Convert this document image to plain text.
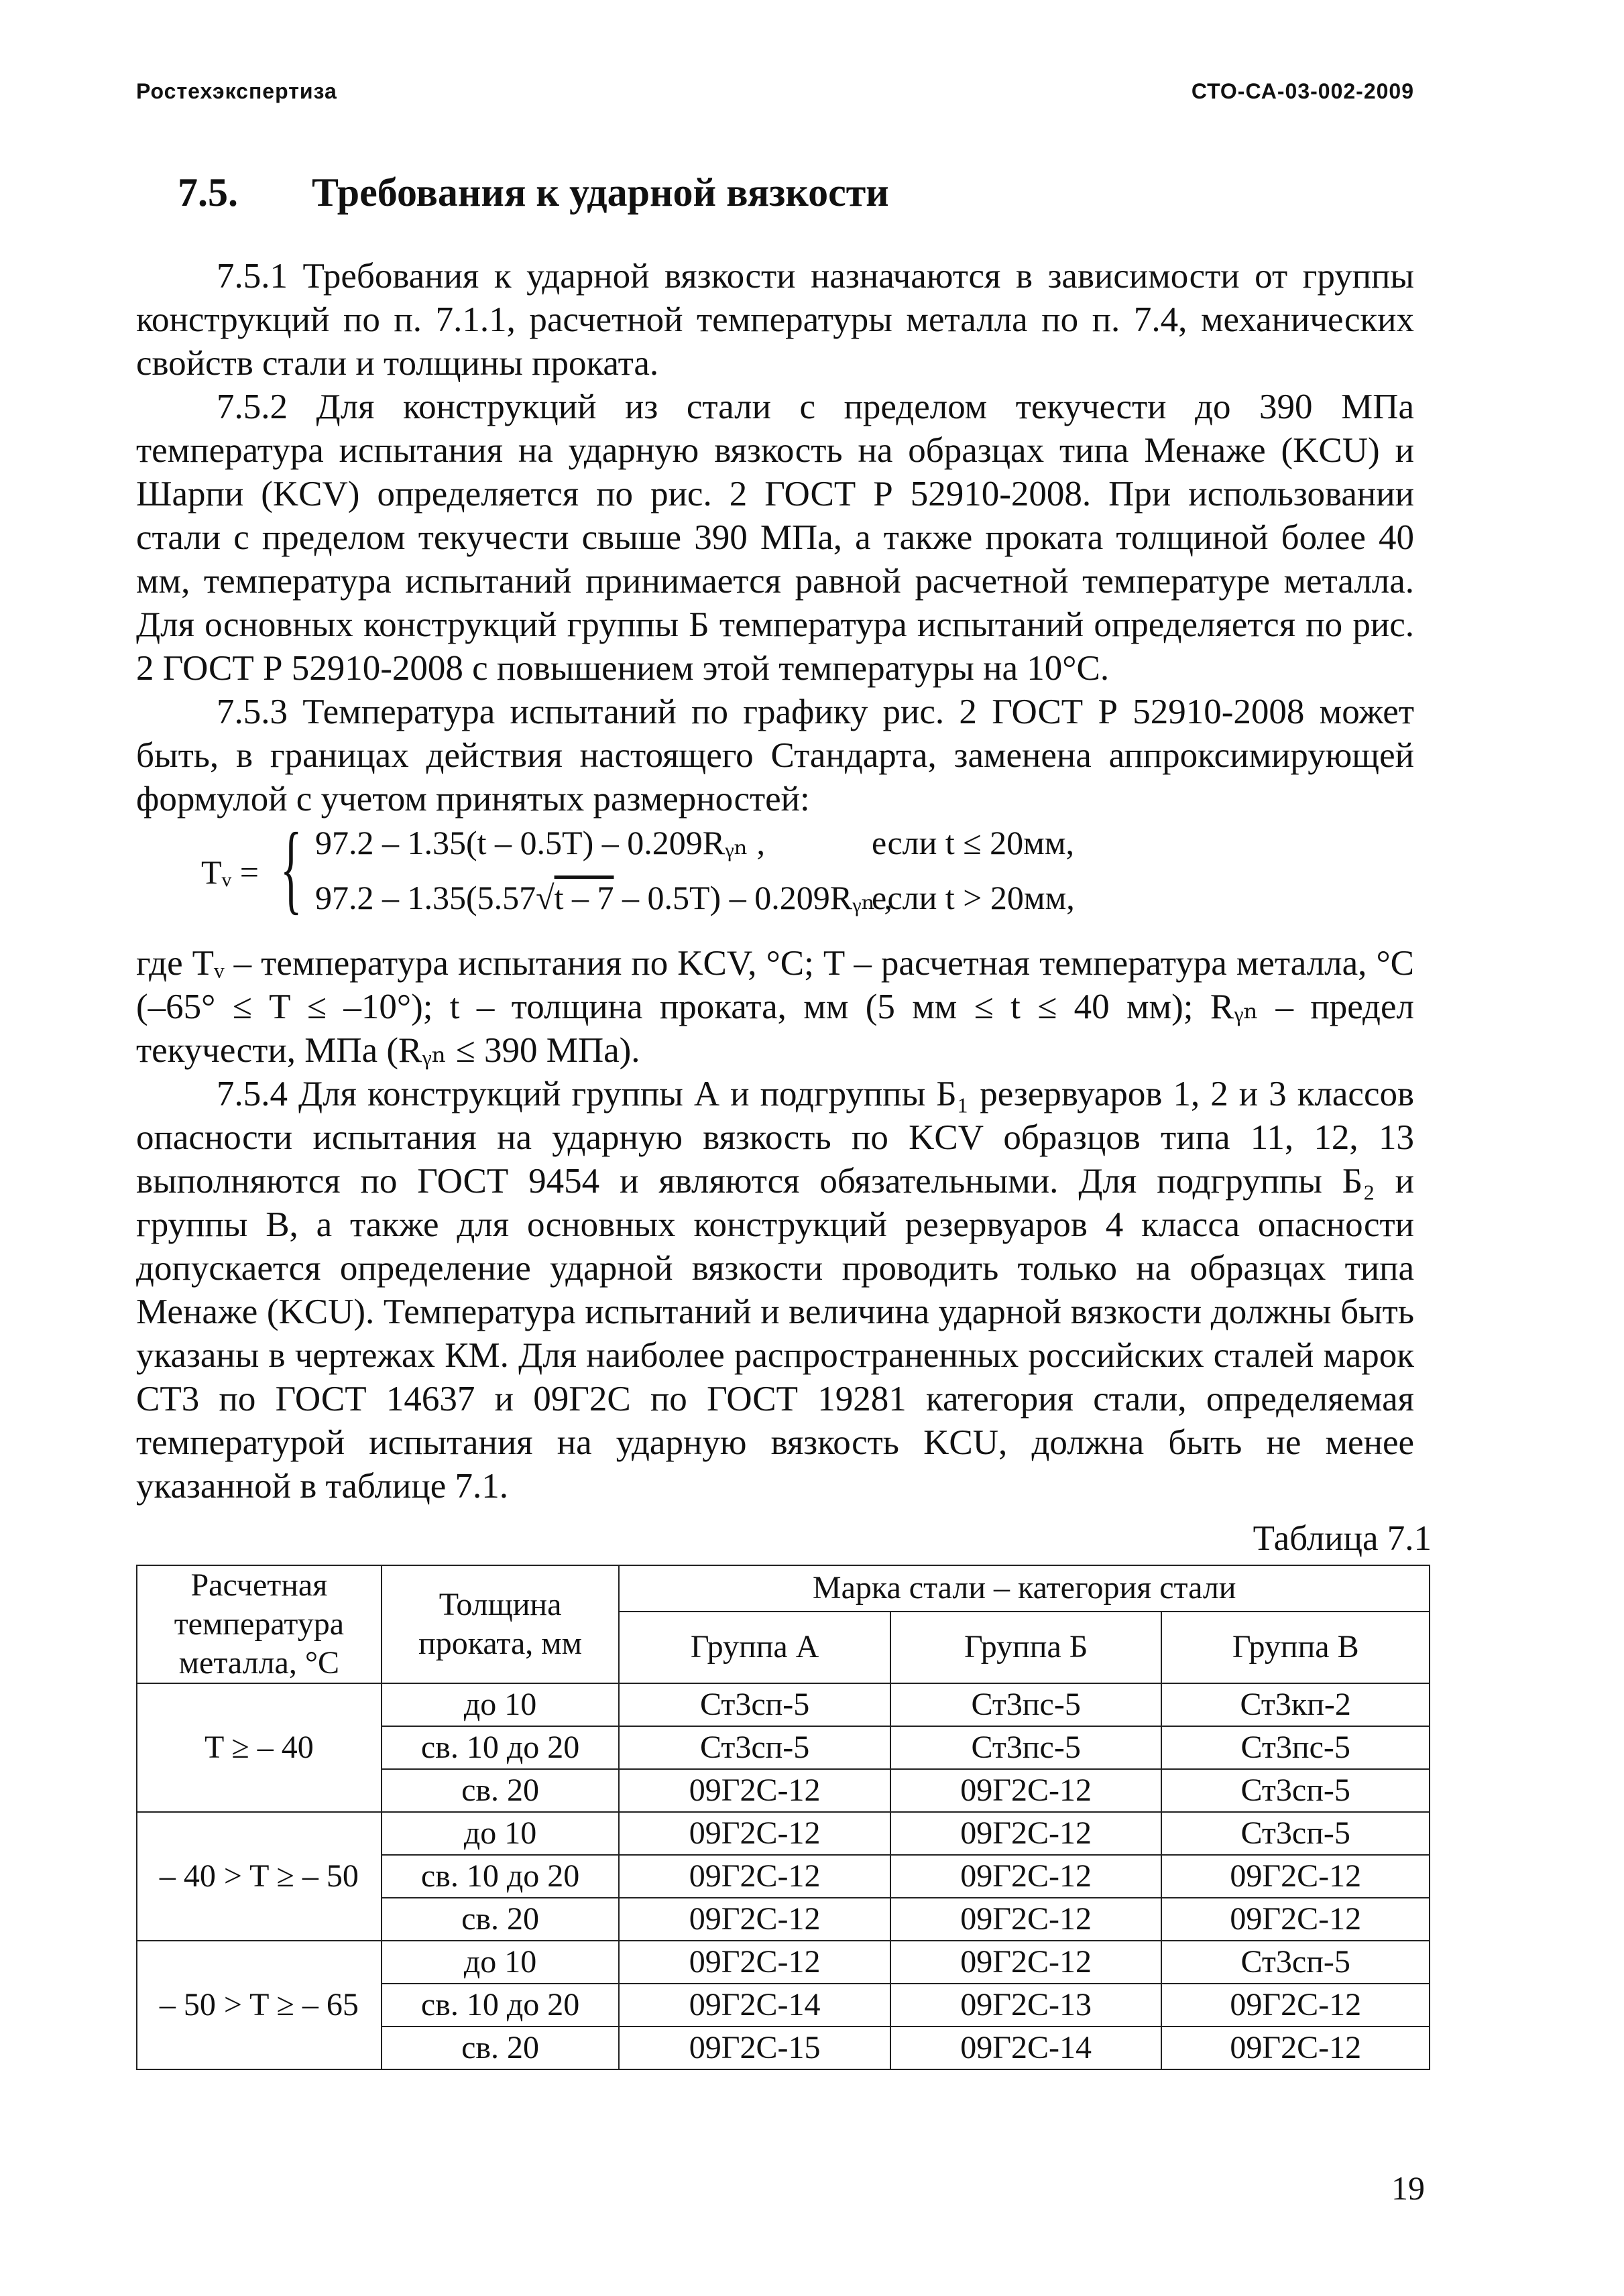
Ростехэкспертиза	СТО-СА-03-002-2009
7.5. Требования к ударной вязкости

7.5.1 Требования к ударной вязкости назначаются в зависимости от группы конструкций по п. 7.1.1, расчетной температуры металла по п. 7.4, механических свойств стали и толщины проката.

7.5.2 Для конструкций из стали с пределом текучести до 390 МПа температура испытания на ударную вязкость на образцах типа Менаже (KCU) и Шарпи (KCV) определяется по рис. 2 ГОСТ Р 52910-2008. При использовании стали с пределом текучести свыше 390 МПа, а также проката толщиной более 40 мм, температура испытаний принимается равной расчетной температуре металла. Для основных конструкций группы Б температура испытаний определяется по рис. 2 ГОСТ Р 52910-2008 с повышением этой температуры на 10°С.

7.5.3 Температура испытаний по графику рис. 2 ГОСТ Р 52910-2008 может быть, в границах действия настоящего Стандарта, заменена аппроксимирующей формулой с учетом принятых размерностей:

Tᵥ = { 97.2 – 1.35(t – 0.5T) – 0.209Rᵧₙ ,
97.2 – 1.35(5.57√t – 7 – 0.5T) – 0.209Rᵧₙ ,
если t ≤ 20мм,
если t > 20мм,

где Tᵥ – температура испытания по KCV, °С; T – расчетная температура металла, °С (–65° ≤ T ≤ –10°); t – толщина проката, мм (5 мм ≤ t ≤ 40 мм); Rᵧₙ – предел текучести, МПа (Rᵧₙ ≤ 390 МПа).

7.5.4 Для конструкций группы А и подгруппы Б₁ резервуаров 1, 2 и 3 классов опасности испытания на ударную вязкость по KCV образцов типа 11, 12, 13 выполняются по ГОСТ 9454 и являются обязательными. Для подгруппы Б₂ и группы В, а также для основных конструкций резервуаров 4 класса опасности допускается определение ударной вязкости проводить только на образцах типа Менаже (KCU). Температура испытаний и величина ударной вязкости должны быть указаны в чертежах КМ. Для наиболее распространенных российских сталей марок СТ3 по ГОСТ 14637 и 09Г2С по ГОСТ 19281 категория стали, определяемая температурой испытания на ударную вязкость KCU, должна быть не менее указанной в таблице 7.1.

Таблица 7.1
Расчетная температура металла, °С	Толщина проката, мм	Марка стали – категория стали		
		Группа А	Группа Б	Группа В
T ≥ – 40	до 10	Ст3сп-5	Ст3пс-5	Ст3кп-2
	св. 10 до 20	Ст3сп-5	Ст3пс-5	Ст3пс-5
	св. 20	09Г2С-12	09Г2С-12	Ст3сп-5
– 40 > T ≥ – 50	до 10	09Г2С-12	09Г2С-12	Ст3сп-5
	св. 10 до 20	09Г2С-12	09Г2С-12	09Г2С-12
	св. 20	09Г2С-12	09Г2С-12	09Г2С-12
– 50 > T ≥ – 65	до 10	09Г2С-12	09Г2С-12	Ст3сп-5
	св. 10 до 20	09Г2С-14	09Г2С-13	09Г2С-12
	св. 20	09Г2С-15	09Г2С-14	09Г2С-12
19
